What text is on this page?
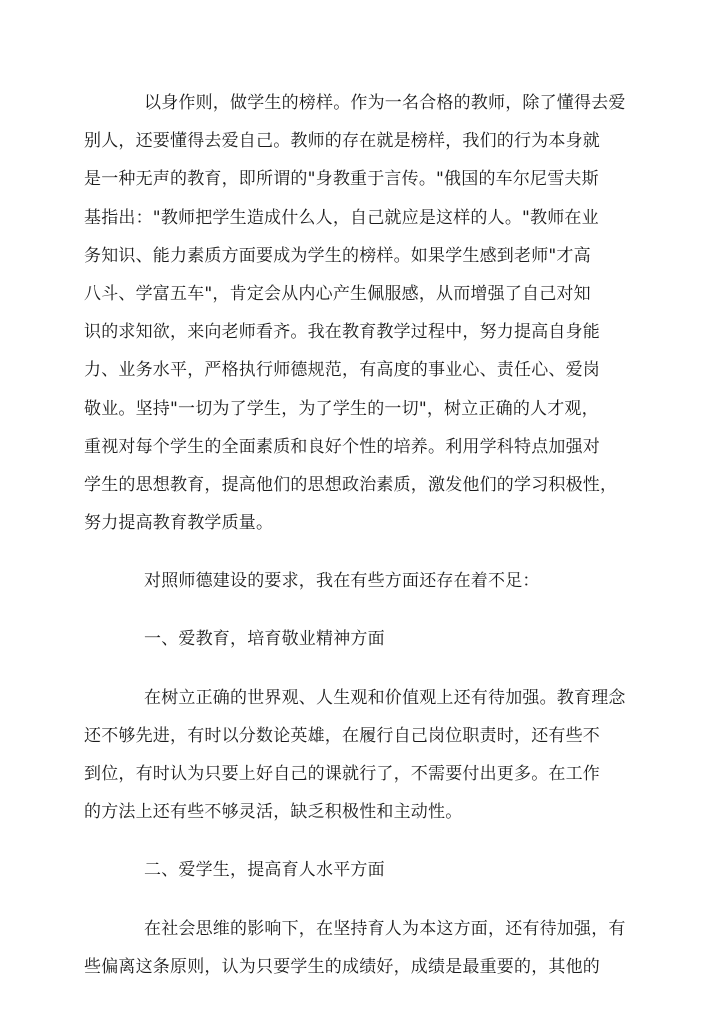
以身作则，做学生的榜样。作为一名合格的教师，除了懂得去爱
别人，还要懂得去爱自己。教师的存在就是榜样，我们的行为本身就
是一种无声的教育，即所谓的"身教重于言传。"俄国的车尔尼雪夫斯
基指出："教师把学生造成什么人，自己就应是这样的人。"教师在业
务知识、能力素质方面要成为学生的榜样。如果学生感到老师"才高
八斗、学富五车"，肯定会从内心产生佩服感，从而增强了自己对知
识的求知欲，来向老师看齐。我在教育教学过程中，努力提高自身能
力、业务水平，严格执行师德规范，有高度的事业心、责任心、爱岗
敬业。坚持"一切为了学生，为了学生的一切"，树立正确的人才观，
重视对每个学生的全面素质和良好个性的培养。利用学科特点加强对
学生的思想教育，提高他们的思想政治素质，激发他们的学习积极性，
努力提高教育教学质量。
对照师德建设的要求，我在有些方面还存在着不足：
一、爱教育，培育敬业精神方面
在树立正确的世界观、人生观和价值观上还有待加强。教育理念
还不够先进，有时以分数论英雄，在履行自己岗位职责时，还有些不
到位，有时认为只要上好自己的课就行了，不需要付出更多。在工作
的方法上还有些不够灵活，缺乏积极性和主动性。
二、爱学生，提高育人水平方面
在社会思维的影响下，在坚持育人为本这方面，还有待加强，有
些偏离这条原则，认为只要学生的成绩好，成绩是最重要的，其他的
